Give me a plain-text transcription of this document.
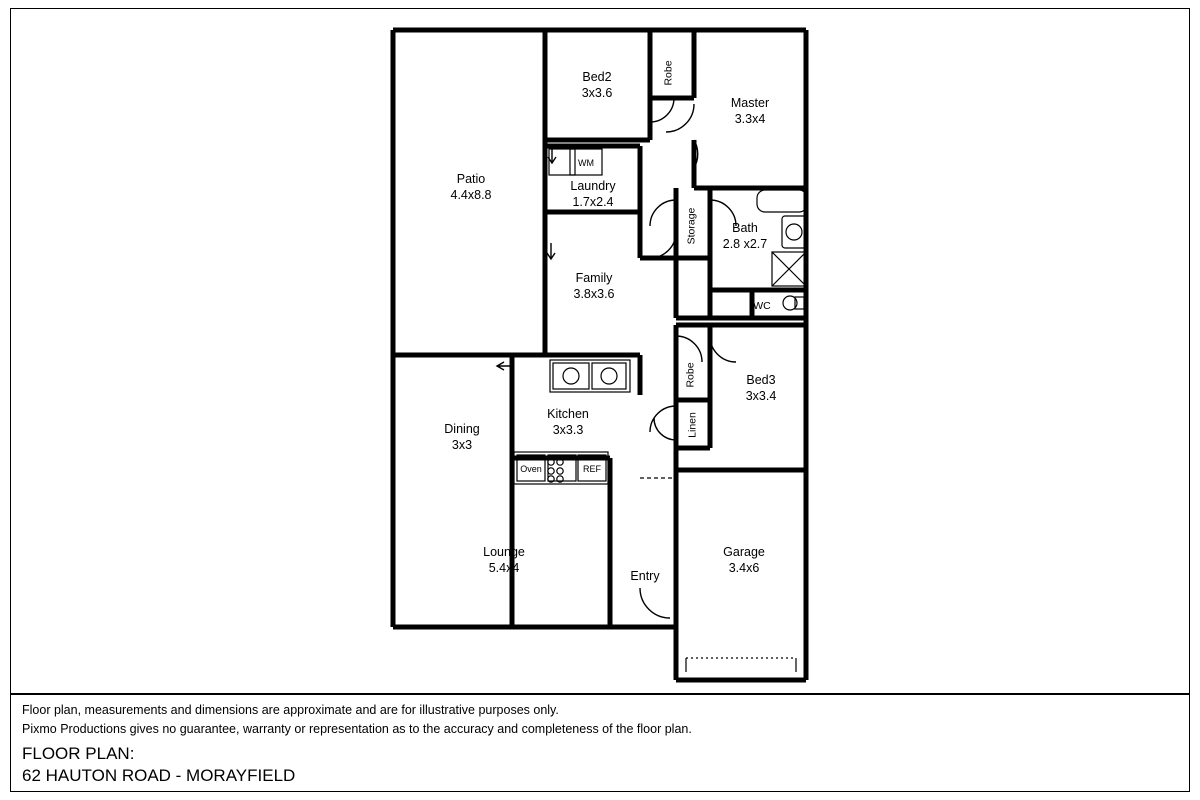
Bed2
3x3.6
Robe
Master
3.3x4
Patio
4.4x8.8
Laundry
1.7x2.4
Storage	Bath
2.8 x2.7
Family
3.8x3.6
WC
Robe	Bed3
3x3.4
Kitchen
3x3.3
Dining
3x3
Linen
Lounge
5.4x4
Garage
3.4x6
Entry
WM
Oven	REF
Floor plan, measurements and dimensions are approximate and are for illustrative purposes only.
Pixmo Productions gives no guarantee, warranty or representation as to the accuracy and completeness of the floor plan.
FLOOR PLAN:
62 HAUTON ROAD - MORAYFIELD
